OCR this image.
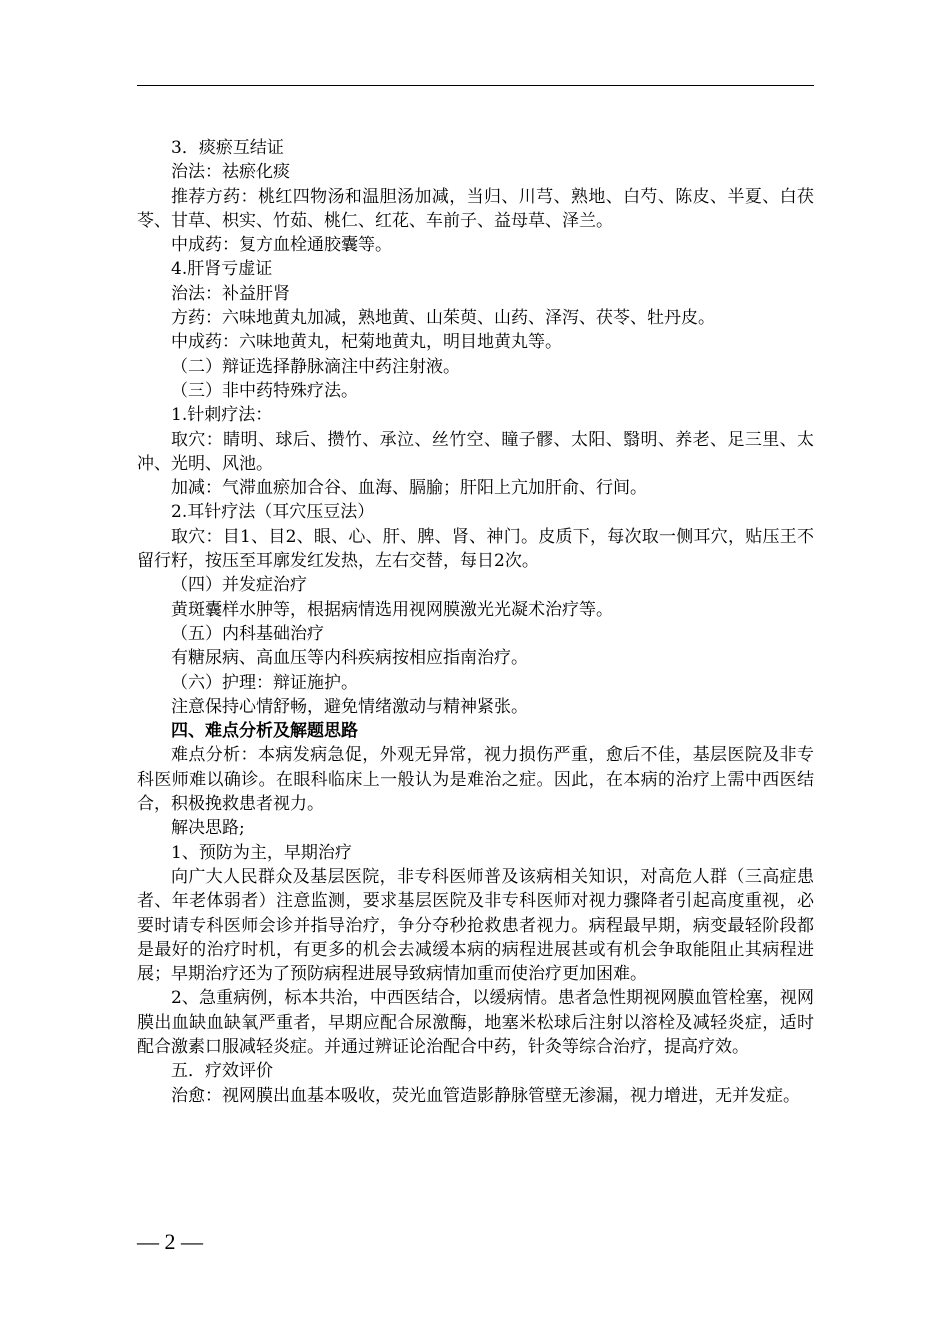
3．痰瘀互结证

治法：祛瘀化痰

推荐方药：桃红四物汤和温胆汤加减，当归、川芎、熟地、白芍、陈皮、半夏、白茯苓、甘草、枳实、竹茹、桃仁、红花、车前子、益母草、泽兰。

中成药：复方血栓通胶囊等。

4.肝肾亏虚证

治法：补益肝肾

方药：六味地黄丸加减，熟地黄、山茱萸、山药、泽泻、茯苓、牡丹皮。

中成药：六味地黄丸，杞菊地黄丸，明目地黄丸等。

（二）辩证选择静脉滴注中药注射液。

（三）非中药特殊疗法。

1.针刺疗法：

取穴：睛明、球后、攒竹、承泣、丝竹空、瞳子髎、太阳、翳明、养老、足三里、太冲、光明、风池。

加减：气滞血瘀加合谷、血海、膈腧；肝阳上亢加肝俞、行间。

2.耳针疗法（耳穴压豆法）

取穴：目1、目2、眼、心、肝、脾、肾、神门。皮质下，每次取一侧耳穴，贴压王不留行籽，按压至耳廓发红发热，左右交替，每日2次。

（四）并发症治疗

黄斑囊样水肿等，根据病情选用视网膜激光光凝术治疗等。

（五）内科基础治疗

有糖尿病、高血压等内科疾病按相应指南治疗。

（六）护理：辩证施护。

注意保持心情舒畅，避免情绪激动与精神紧张。

四、难点分析及解题思路

难点分析：本病发病急促，外观无异常，视力损伤严重，愈后不佳，基层医院及非专科医师难以确诊。在眼科临床上一般认为是难治之症。因此，在本病的治疗上需中西医结合，积极挽救患者视力。

解决思路;

1、预防为主，早期治疗

向广大人民群众及基层医院，非专科医师普及该病相关知识，对高危人群（三高症患者、年老体弱者）注意监测，要求基层医院及非专科医师对视力骤降者引起高度重视，必要时请专科医师会诊并指导治疗，争分夺秒抢救患者视力。病程最早期，病变最轻阶段都是最好的治疗时机，有更多的机会去减缓本病的病程进展甚或有机会争取能阻止其病程进展；早期治疗还为了预防病程进展导致病情加重而使治疗更加困难。

2、急重病例，标本共治，中西医结合，以缓病情。患者急性期视网膜血管栓塞，视网膜出血缺血缺氧严重者，早期应配合尿激酶，地塞米松球后注射以溶栓及减轻炎症，适时配合激素口服减轻炎症。并通过辨证论治配合中药，针灸等综合治疗，提高疗效。

五．疗效评价

治愈：视网膜出血基本吸收，荧光血管造影静脉管壁无渗漏，视力增进，无并发症。

— 2 —
